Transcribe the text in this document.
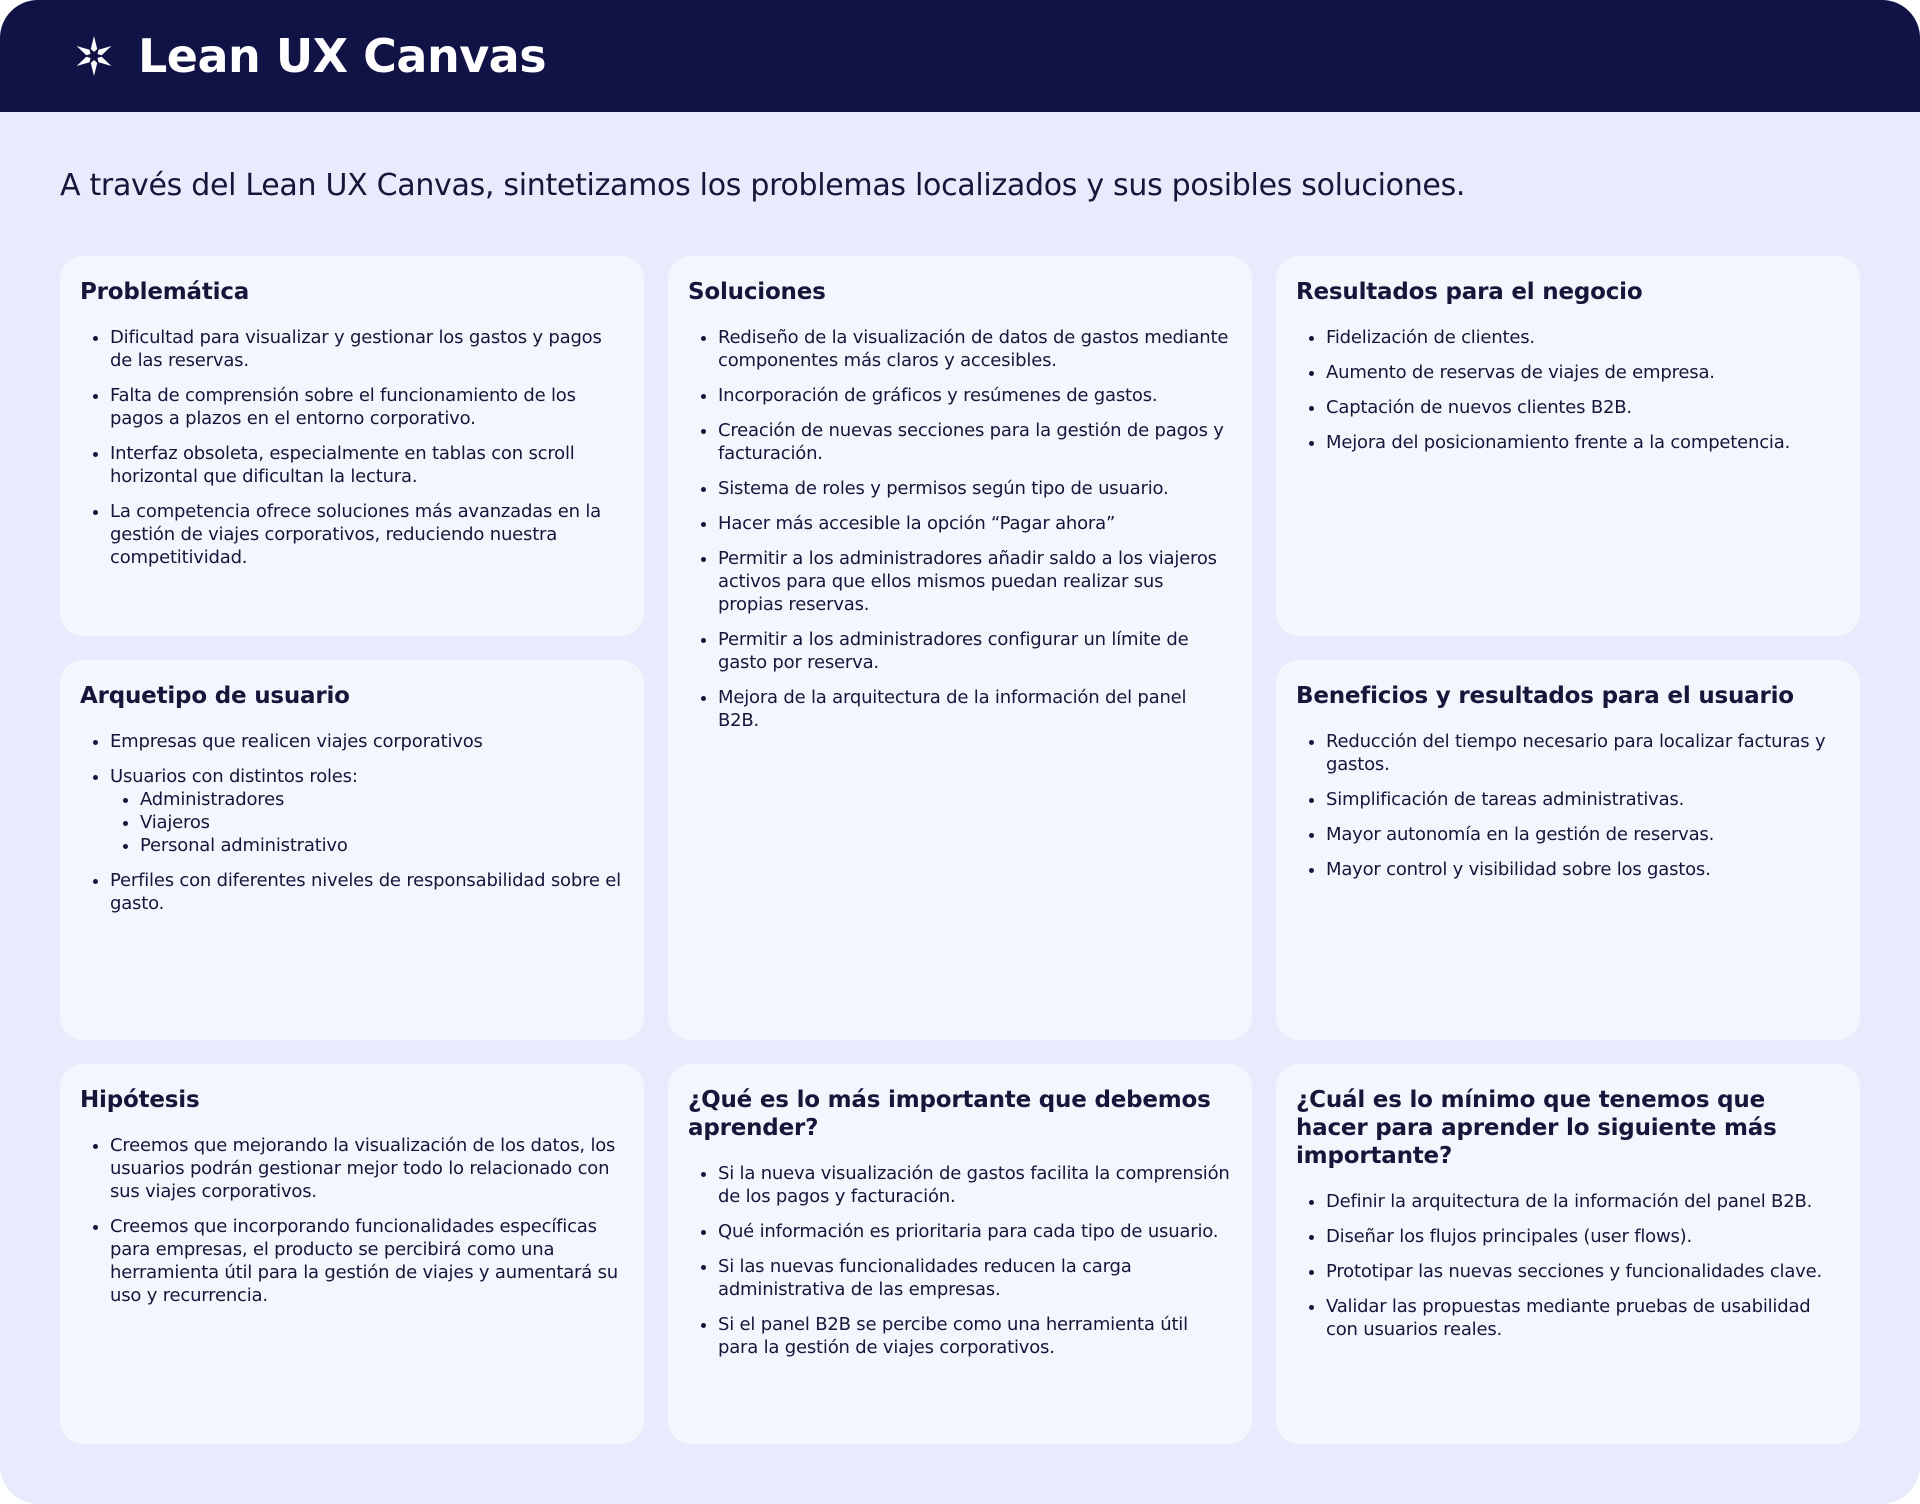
Lean UX Canvas
A través del Lean UX Canvas, sintetizamos los problemas localizados y sus posibles soluciones.
Problemática
• Dificultad para visualizar y gestionar los gastos y pagos de las reservas.
• Falta de comprensión sobre el funcionamiento de los pagos a plazos en el entorno corporativo.
• Interfaz obsoleta, especialmente en tablas con scroll horizontal que dificultan la lectura.
• La competencia ofrece soluciones más avanzadas en la gestión de viajes corporativos, reduciendo nuestra competitividad.
Soluciones
• Rediseño de la visualización de datos de gastos mediante componentes más claros y accesibles.
• Incorporación de gráficos y resúmenes de gastos.
• Creación de nuevas secciones para la gestión de pagos y facturación.
• Sistema de roles y permisos según tipo de usuario.
• Hacer más accesible la opción “Pagar ahora”
• Permitir a los administradores añadir saldo a los viajeros activos para que ellos mismos puedan realizar sus propias reservas.
• Permitir a los administradores configurar un límite de gasto por reserva.
• Mejora de la arquitectura de la información del panel B2B.
Resultados para el negocio
• Fidelización de clientes.
• Aumento de reservas de viajes de empresa.
• Captación de nuevos clientes B2B.
• Mejora del posicionamiento frente a la competencia.
Arquetipo de usuario
• Empresas que realicen viajes corporativos
• Usuarios con distintos roles:
• Administradores
• Viajeros
• Personal administrativo
• Perfiles con diferentes niveles de responsabilidad sobre el gasto.
Beneficios y resultados para el usuario
• Reducción del tiempo necesario para localizar facturas y gastos.
• Simplificación de tareas administrativas.
• Mayor autonomía en la gestión de reservas.
• Mayor control y visibilidad sobre los gastos.
Hipótesis
• Creemos que mejorando la visualización de los datos, los usuarios podrán gestionar mejor todo lo relacionado con sus viajes corporativos.
• Creemos que incorporando funcionalidades específicas para empresas, el producto se percibirá como una herramienta útil para la gestión de viajes y aumentará su uso y recurrencia.
¿Qué es lo más importante que debemos aprender?
• Si la nueva visualización de gastos facilita la comprensión de los pagos y facturación.
• Qué información es prioritaria para cada tipo de usuario.
• Si las nuevas funcionalidades reducen la carga administrativa de las empresas.
• Si el panel B2B se percibe como una herramienta útil para la gestión de viajes corporativos.
¿Cuál es lo mínimo que tenemos que hacer para aprender lo siguiente más importante?
• Definir la arquitectura de la información del panel B2B.
• Diseñar los flujos principales (user flows).
• Prototipar las nuevas secciones y funcionalidades clave.
• Validar las propuestas mediante pruebas de usabilidad con usuarios reales.
